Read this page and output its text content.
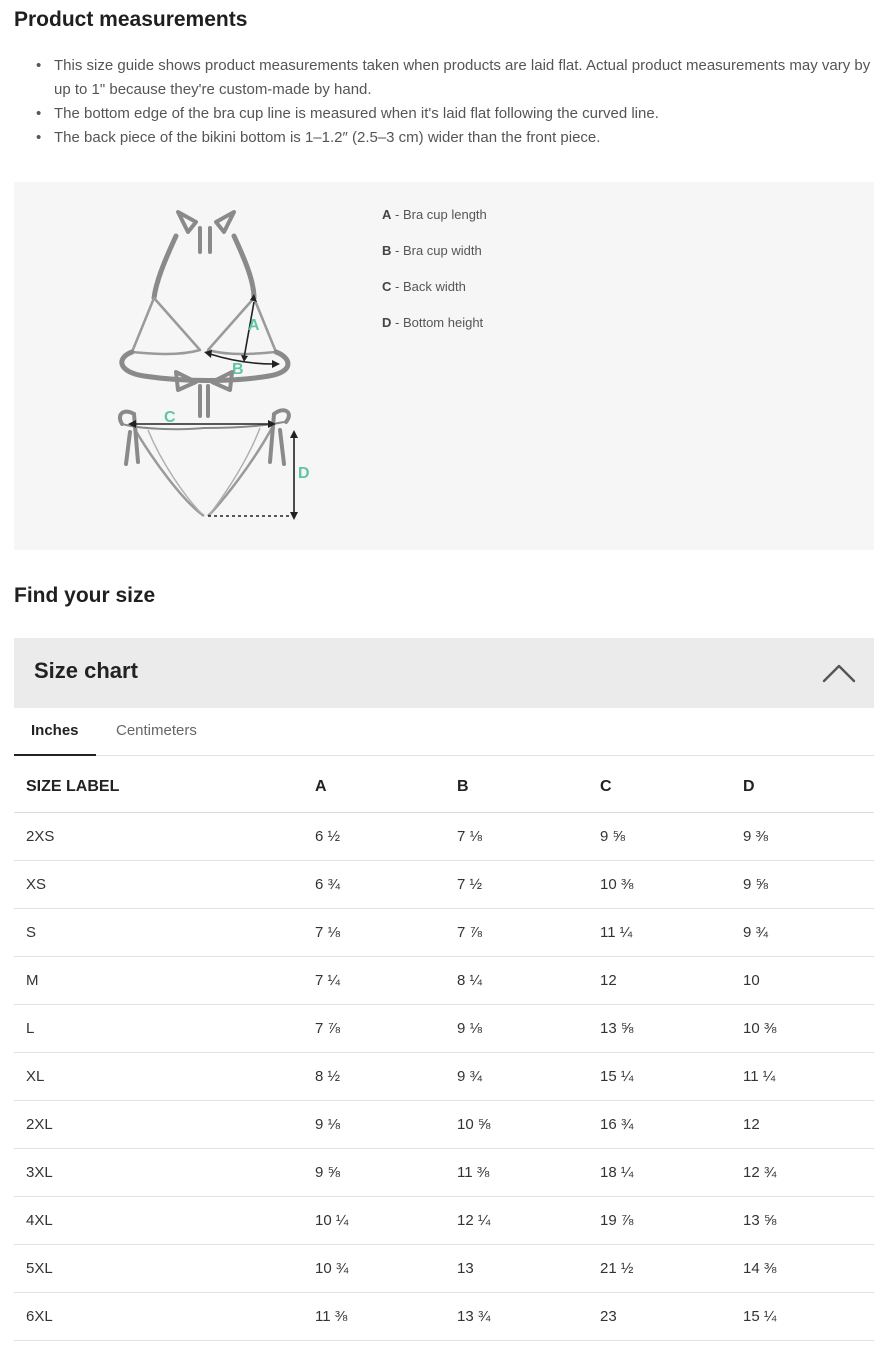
Product measurements
• This size guide shows product measurements taken when products are laid flat. Actual product measurements may vary by up to 1" because they're custom-made by hand.
• The bottom edge of the bra cup line is measured when it's laid flat following the curved line.
• The back piece of the bikini bottom is 1–1.2″ (2.5–3 cm) wider than the front piece.
A
B
C
D
A - Bra cup length
B - Bra cup width
C - Back width
D - Bottom height
Find your size
Size chart
Inches	Centimeters
SIZE LABEL	A	B	C	D
2XS	6 ½	7 ⅛	9 ⅝	9 ⅜
XS	6 ¾	7 ½	10 ⅜	9 ⅝
S	7 ⅛	7 ⅞	11 ¼	9 ¾
M	7 ¼	8 ¼	12	10
L	7 ⅞	9 ⅛	13 ⅝	10 ⅜
XL	8 ½	9 ¾	15 ¼	11 ¼
2XL	9 ⅛	10 ⅝	16 ¾	12
3XL	9 ⅝	11 ⅜	18 ¼	12 ¾
4XL	10 ¼	12 ¼	19 ⅞	13 ⅝
5XL	10 ¾	13	21 ½	14 ⅜
6XL	11 ⅜	13 ¾	23	15 ¼
